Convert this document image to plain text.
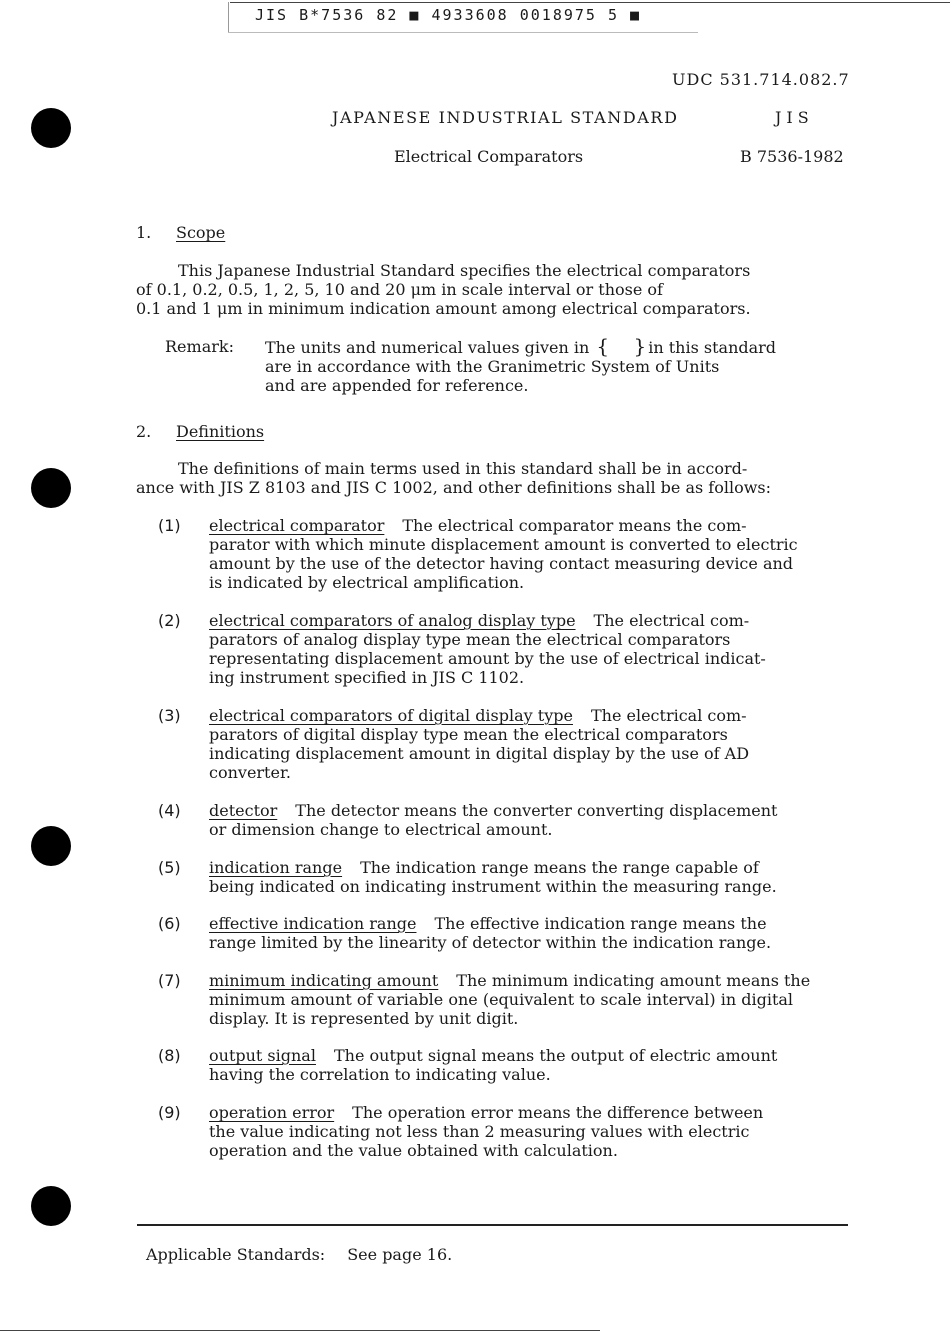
JIS B*7536 82 ■ 4933608 0018975 5 ■
UDC 531.714.082.7
JAPANESE INDUSTRIAL STANDARD	JIS
Electrical Comparators	B 7536-1982
1. Scope
This Japanese Industrial Standard specifies the electrical comparators
of 0.1, 0.2, 0.5, 1, 2, 5, 10 and 20 μm in scale interval or those of
0.1 and 1 μm in minimum indication amount among electrical comparators.
Remark: The units and numerical values given in { } in this standard
are in accordance with the Granimetric System of Units
and are appended for reference.
2. Definitions
The definitions of main terms used in this standard shall be in accord-
ance with JIS Z 8103 and JIS C 1002, and other definitions shall be as follows:
(1) electrical comparator The electrical comparator means the com-
parator with which minute displacement amount is converted to electric
amount by the use of the detector having contact measuring device and
is indicated by electrical amplification.
(2) electrical comparators of analog display type The electrical com-
parators of analog display type mean the electrical comparators
representating displacement amount by the use of electrical indicat-
ing instrument specified in JIS C 1102.
(3) electrical comparators of digital display type The electrical com-
parators of digital display type mean the electrical comparators
indicating displacement amount in digital display by the use of AD
converter.
(4) detector The detector means the converter converting displacement
or dimension change to electrical amount.
(5) indication range The indication range means the range capable of
being indicated on indicating instrument within the measuring range.
(6) effective indication range The effective indication range means the
range limited by the linearity of detector within the indication range.
(7) minimum indicating amount The minimum indicating amount means the
minimum amount of variable one (equivalent to scale interval) in digital
display. It is represented by unit digit.
(8) output signal The output signal means the output of electric amount
having the correlation to indicating value.
(9) operation error The operation error means the difference between
the value indicating not less than 2 measuring values with electric
operation and the value obtained with calculation.
Applicable Standards: See page 16.
